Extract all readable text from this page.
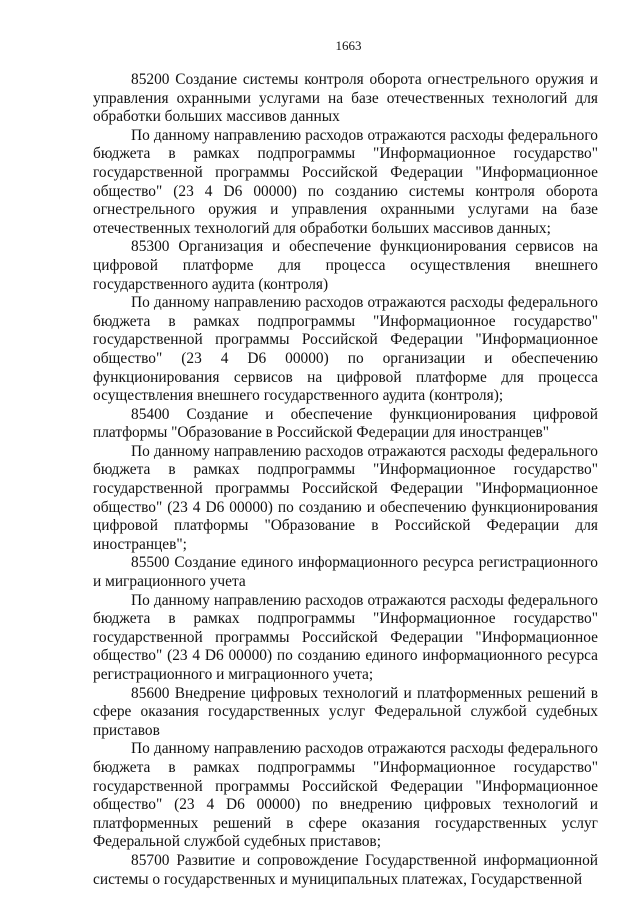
1663

85200 Создание системы контроля оборота огнестрельного оружия и управления охранными услугами на базе отечественных технологий для обработки больших массивов данных

По данному направлению расходов отражаются расходы федерального бюджета в рамках подпрограммы "Информационное государство" государственной программы Российской Федерации "Информационное общество" (23 4 D6 00000) по созданию системы контроля оборота огнестрельного оружия и управления охранными услугами на базе отечественных технологий для обработки больших массивов данных;

85300 Организация и обеспечение функционирования сервисов на цифровой платформе для процесса осуществления внешнего государственного аудита (контроля)

По данному направлению расходов отражаются расходы федерального бюджета в рамках подпрограммы "Информационное государство" государственной программы Российской Федерации "Информационное общество" (23 4 D6 00000) по организации и обеспечению функционирования сервисов на цифровой платформе для процесса осуществления внешнего государственного аудита (контроля);

85400 Создание и обеспечение функционирования цифровой платформы "Образование в Российской Федерации для иностранцев"

По данному направлению расходов отражаются расходы федерального бюджета в рамках подпрограммы "Информационное государство" государственной программы Российской Федерации "Информационное общество" (23 4 D6 00000) по созданию и обеспечению функционирования цифровой платформы "Образование в Российской Федерации для иностранцев";

85500 Создание единого информационного ресурса регистрационного и миграционного учета

По данному направлению расходов отражаются расходы федерального бюджета в рамках подпрограммы "Информационное государство" государственной программы Российской Федерации "Информационное общество" (23 4 D6 00000) по созданию единого информационного ресурса регистрационного и миграционного учета;

85600 Внедрение цифровых технологий и платформенных решений в сфере оказания государственных услуг Федеральной службой судебных приставов

По данному направлению расходов отражаются расходы федерального бюджета в рамках подпрограммы "Информационное государство" государственной программы Российской Федерации "Информационное общество" (23 4 D6 00000) по внедрению цифровых технологий и платформенных решений в сфере оказания государственных услуг Федеральной службой судебных приставов;

85700 Развитие и сопровождение Государственной информационной системы о государственных и муниципальных платежах, Государственной
